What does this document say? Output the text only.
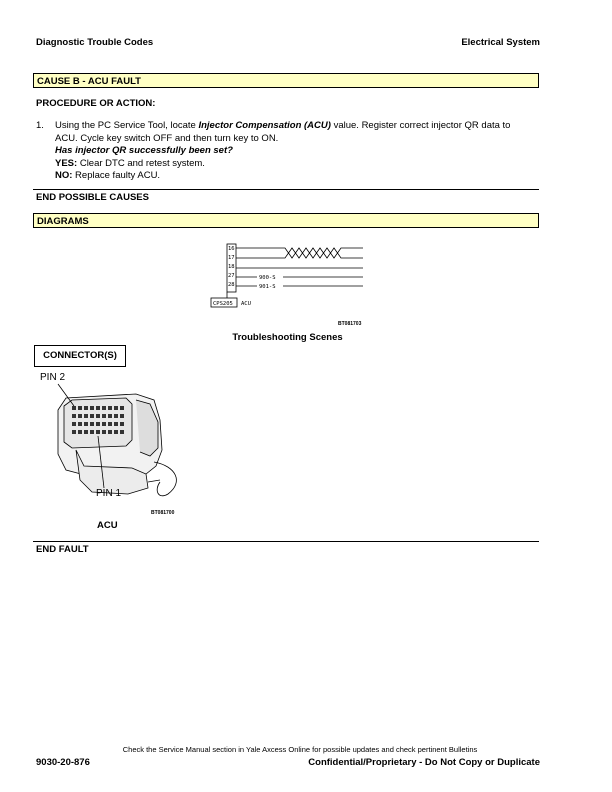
Diagnostic Trouble Codes	Electrical System
CAUSE B - ACU FAULT
PROCEDURE OR ACTION:
1. Using the PC Service Tool, locate Injector Compensation (ACU) value. Register correct injector QR data to
ACU. Cycle key switch OFF and then turn key to ON.
Has injector QR successfully been set?
YES: Clear DTC and retest system.
NO: Replace faulty ACU.
END POSSIBLE CAUSES
DIAGRAMS
16
17
18
27
28
900-S
901-S
CPS205 ACU
BT081703
Troubleshooting Scenes
CONNECTOR(S)
PIN 2
PIN 1
BT081700
ACU
END FAULT
Check the Service Manual section in Yale Axcess Online for possible updates and check pertinent Bulletins
9030-20-876	Confidential/Proprietary - Do Not Copy or Duplicate
